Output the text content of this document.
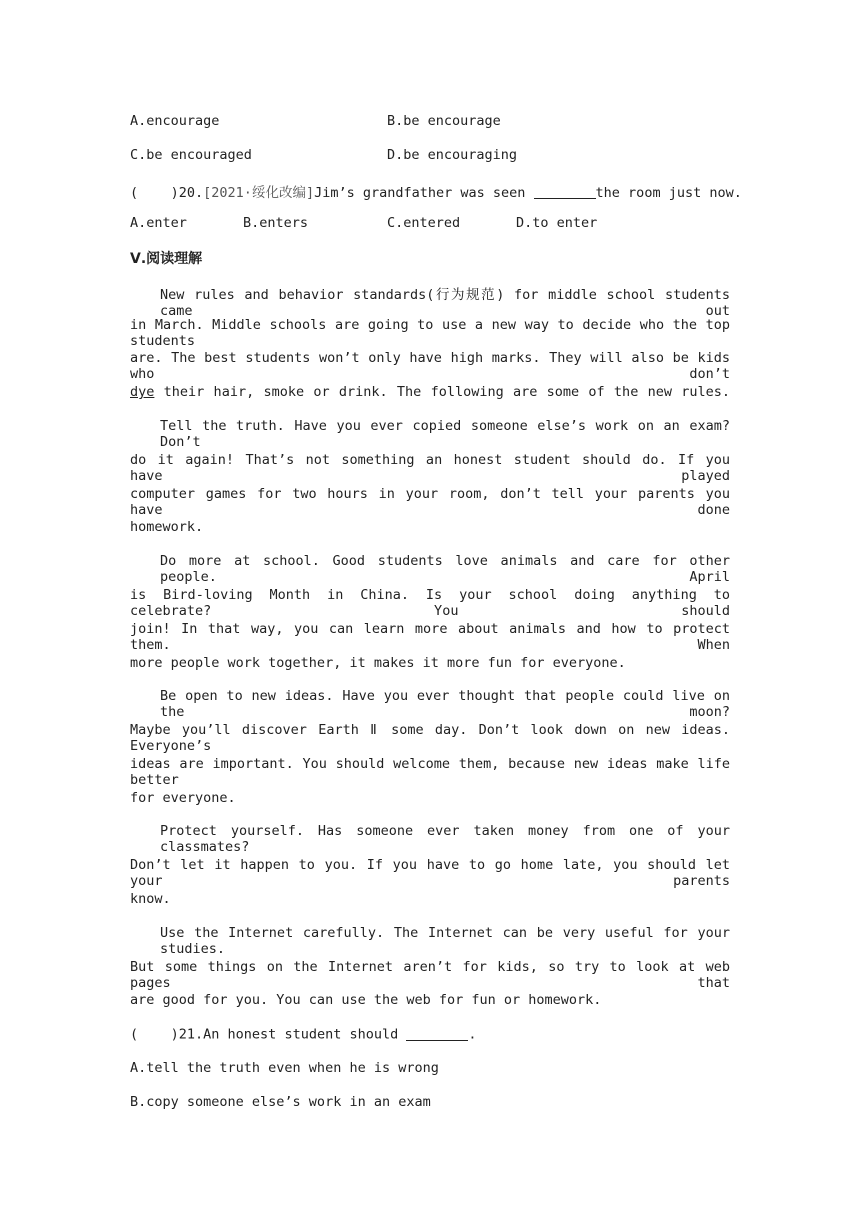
A.encourage	B.be encourage
C.be encouraged	D.be encouraging
(    )20.[2021·绥化改编]Jim’s grandfather was seen	the room just now.
A.enter	B.enters	C.entered	D.to enter
Ⅴ.阅读理解
New rules and behavior standards(行为规范) for middle school students came out
in March. Middle schools are going to use a new way to decide who the top students
are. The best students won’t only have high marks. They will also be kids who don’t
dye their hair, smoke or drink. The following are some of the new rules.
Tell the truth. Have you ever copied someone else’s work on an exam? Don’t
do it again! That’s not something an honest student should do. If you have played
computer games for two hours in your room, don’t tell your parents you have done
homework.
Do more at school. Good students love animals and care for other people. April
is Bird-loving Month in China. Is your school doing anything to celebrate? You should
join! In that way, you can learn more about animals and how to protect them. When
more people work together, it makes it more fun for everyone.
Be open to new ideas. Have you ever thought that people could live on the moon?
Maybe you’ll discover Earth Ⅱ some day. Don’t look down on new ideas. Everyone’s
ideas are important. You should welcome them, because new ideas make life better
for everyone.
Protect yourself. Has someone ever taken money from one of your classmates?
Don’t let it happen to you. If you have to go home late, you should let your parents
know.
Use the Internet carefully. The Internet can be very useful for your studies.
But some things on the Internet aren’t for kids, so try to look at web pages that
are good for you. You can use the web for fun or homework.
(    )21.An honest student should	.
A.tell the truth even when he is wrong
B.copy someone else’s work in an exam
